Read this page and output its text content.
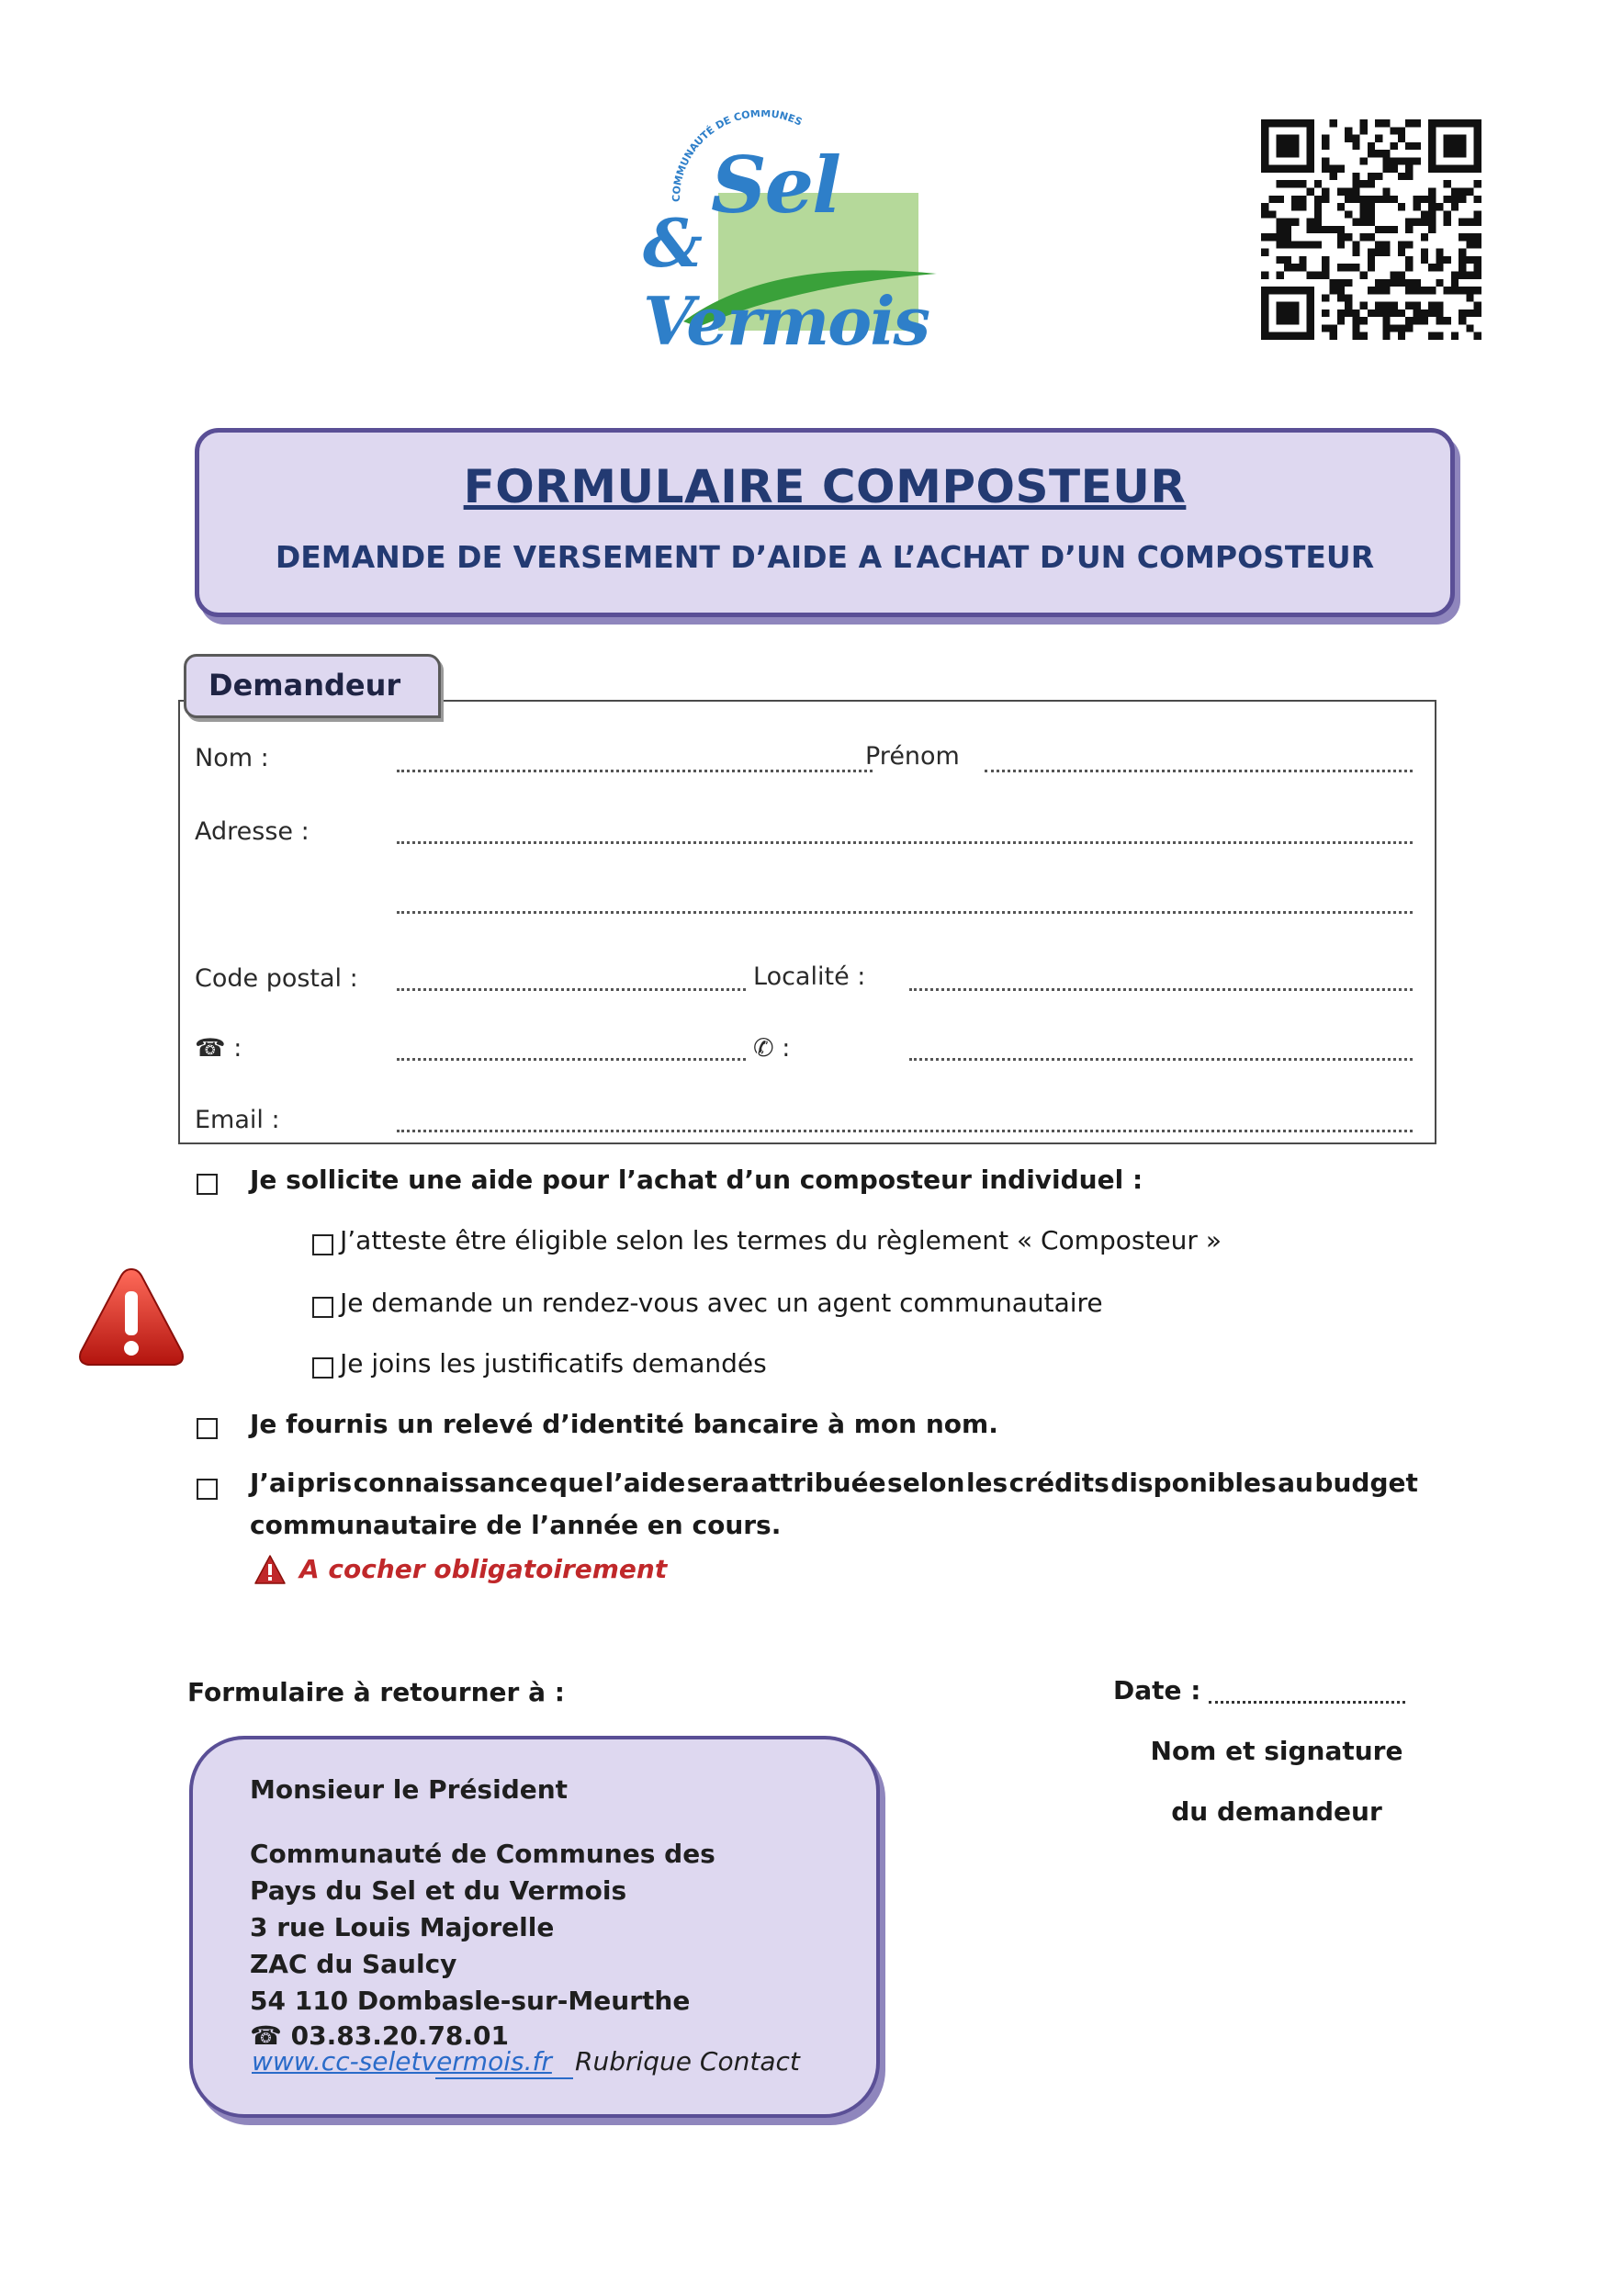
COMMUNAUTÉ DE COMMUNES
Sel
& Vermois
FORMULAIRE COMPOSTEUR
DEMANDE DE VERSEMENT D’AIDE A L’ACHAT D’UN COMPOSTEUR
Nom :	Prénom
Adresse :
Code postal :	Localité :
☎ :	✆ :
Email :
Demandeur
Je sollicite une aide pour l’achat d’un composteur individuel :
J’atteste être éligible selon les termes du règlement « Composteur »
Je demande un rendez-vous avec un agent communautaire
Je joins les justificatifs demandés
Je fournis un relevé d’identité bancaire à mon nom.
J’ai pris connaissance que l’aide sera attribuée selon les crédits disponibles au budget
communautaire de l’année en cours.
A cocher obligatoirement
Formulaire à retourner à :
Monsieur le Président
Communauté de Communes des
Pays du Sel et du Vermois
3 rue Louis Majorelle
ZAC du Saulcy
54 110 Dombasle-sur-Meurthe
☎ 03.83.20.78.01
www.cc-seletvermois.fr Rubrique Contact
Date :
Nom et signature
du demandeur
